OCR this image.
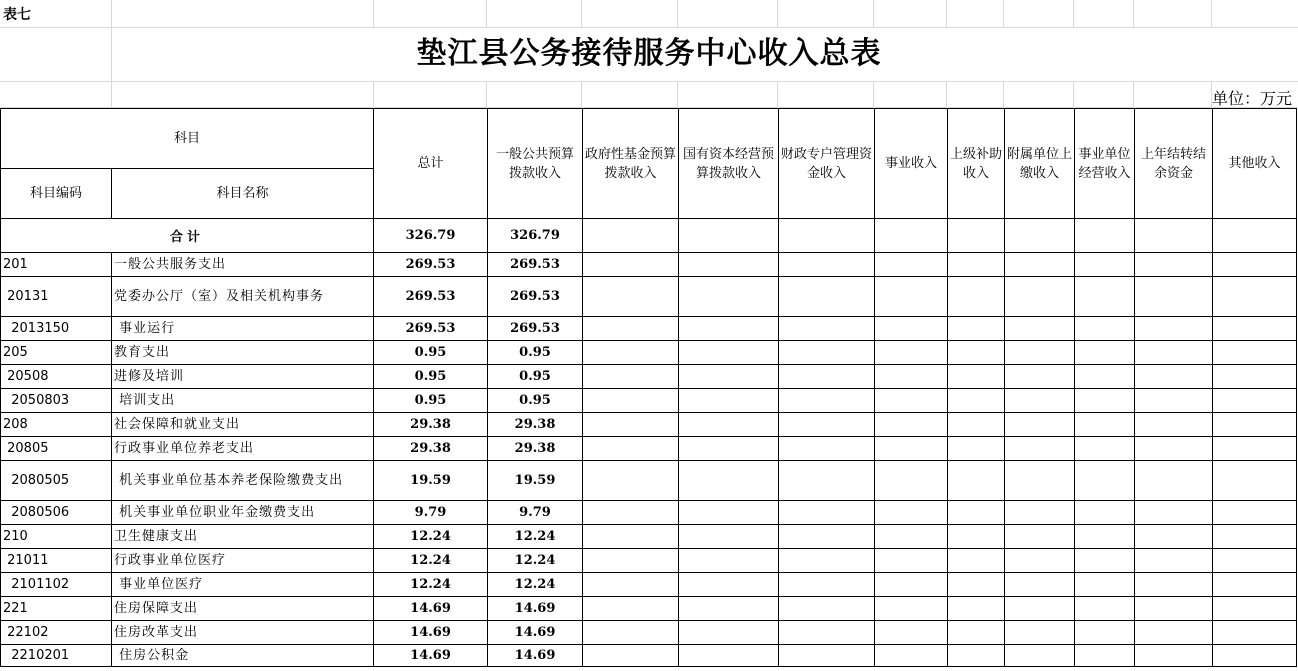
表七
垫江县公务接待服务中心收入总表
单位：万元
科目		总计	一般公共预算拨款收入	政府性基金预算拨款收入	国有资本经营预算拨款收入	财政专户管理资金收入	事业收入	上级补助收入	附属单位上缴收入	事业单位经营收入	上年结转结余资金	其他收入
科目编码	科目名称											
合计		326.79	326.79									
201	一般公共服务支出	269.53	269.53									
20131	党委办公厅（室）及相关机构事务	269.53	269.53									
2013150	事业运行	269.53	269.53									
205	教育支出	0.95	0.95									
20508	进修及培训	0.95	0.95									
2050803	培训支出	0.95	0.95									
208	社会保障和就业支出	29.38	29.38									
20805	行政事业单位养老支出	29.38	29.38									
2080505	机关事业单位基本养老保险缴费支出	19.59	19.59									
2080506	机关事业单位职业年金缴费支出	9.79	9.79									
210	卫生健康支出	12.24	12.24									
21011	行政事业单位医疗	12.24	12.24									
2101102	事业单位医疗	12.24	12.24									
221	住房保障支出	14.69	14.69									
22102	住房改革支出	14.69	14.69									
2210201	住房公积金	14.69	14.69									
